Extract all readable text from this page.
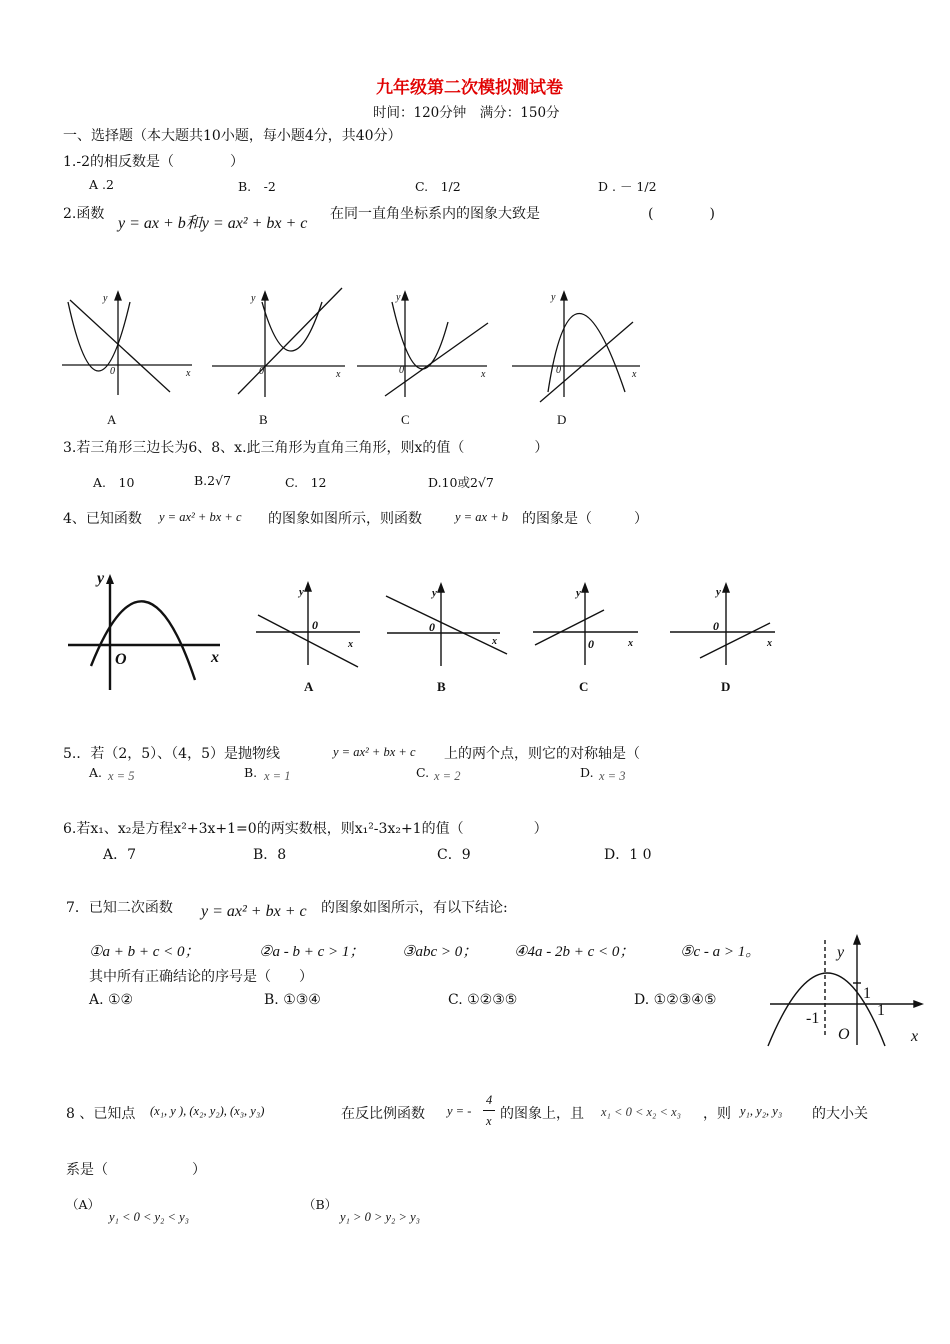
九年级第二次模拟测试卷
时间：120分钟　满分：150分
一、选择题（本大题共10小题，每小题4分，共40分）
1.-2的相反数是（　　　　）
A .2	B.　-2	C.　1/2	D . － 1/2
2.函数
y = ax + b和y = ax² + bx + c
在同一直角坐标系内的图象大致是	(　　　　)
y
x
0
y
x
0
y
x
0
y
x
0
A	B	C	D
3.若三角形三边长为6、8、x.此三角形为直角三角形，则x的值（　　　　　）
A.　10	B.2√7	C.　12	D.10或2√7
4、已知函数 y = ax² + bx + c 的图象如图所示，则函数	y = ax + b 的图象是（　　　）
y
x
O
y
x
0
y
x
0
y
x
0
y
x
0
A	B	C	D
5.．若（2，5）、（4，5）是抛物线	y = ax² + bx + c 上的两个点，则它的对称轴是（
A. x = 5	B. x = 1	C. x = 2	D. x = 3
6.若x₁、x₂是方程x²+3x+1=0的两实数根，则x₁²-3x₂+1的值（　　　　　）
A．7	B．8	C．9	D．1 0
7．已知二次函数 y = ax² + bx + c 的图象如图所示，有以下结论:
①a + b + c < 0；	②a - b + c > 1；	③abc > 0； ④4a - 2b + c < 0；	⑤c - a > 1。
其中所有正确结论的序号是（　　）
A. ①②	B. ①③④	C. ①②③⑤	D. ①②③④⑤
y
x
O
1
1
-1
8 、已知点 (x₁, y ), (x₂, y₂), (x₃, y₃)	在反比例函数 y = -
4
x 的图象上，且 x₁ < 0 < x₂ < x₃ ，则 y₁, y₂, y₃ 的大小关
系是（　　　　　　）
（A）
y₁ < 0 < y₂ < y₃
（B）
y₁ > 0 > y₂ > y₃
